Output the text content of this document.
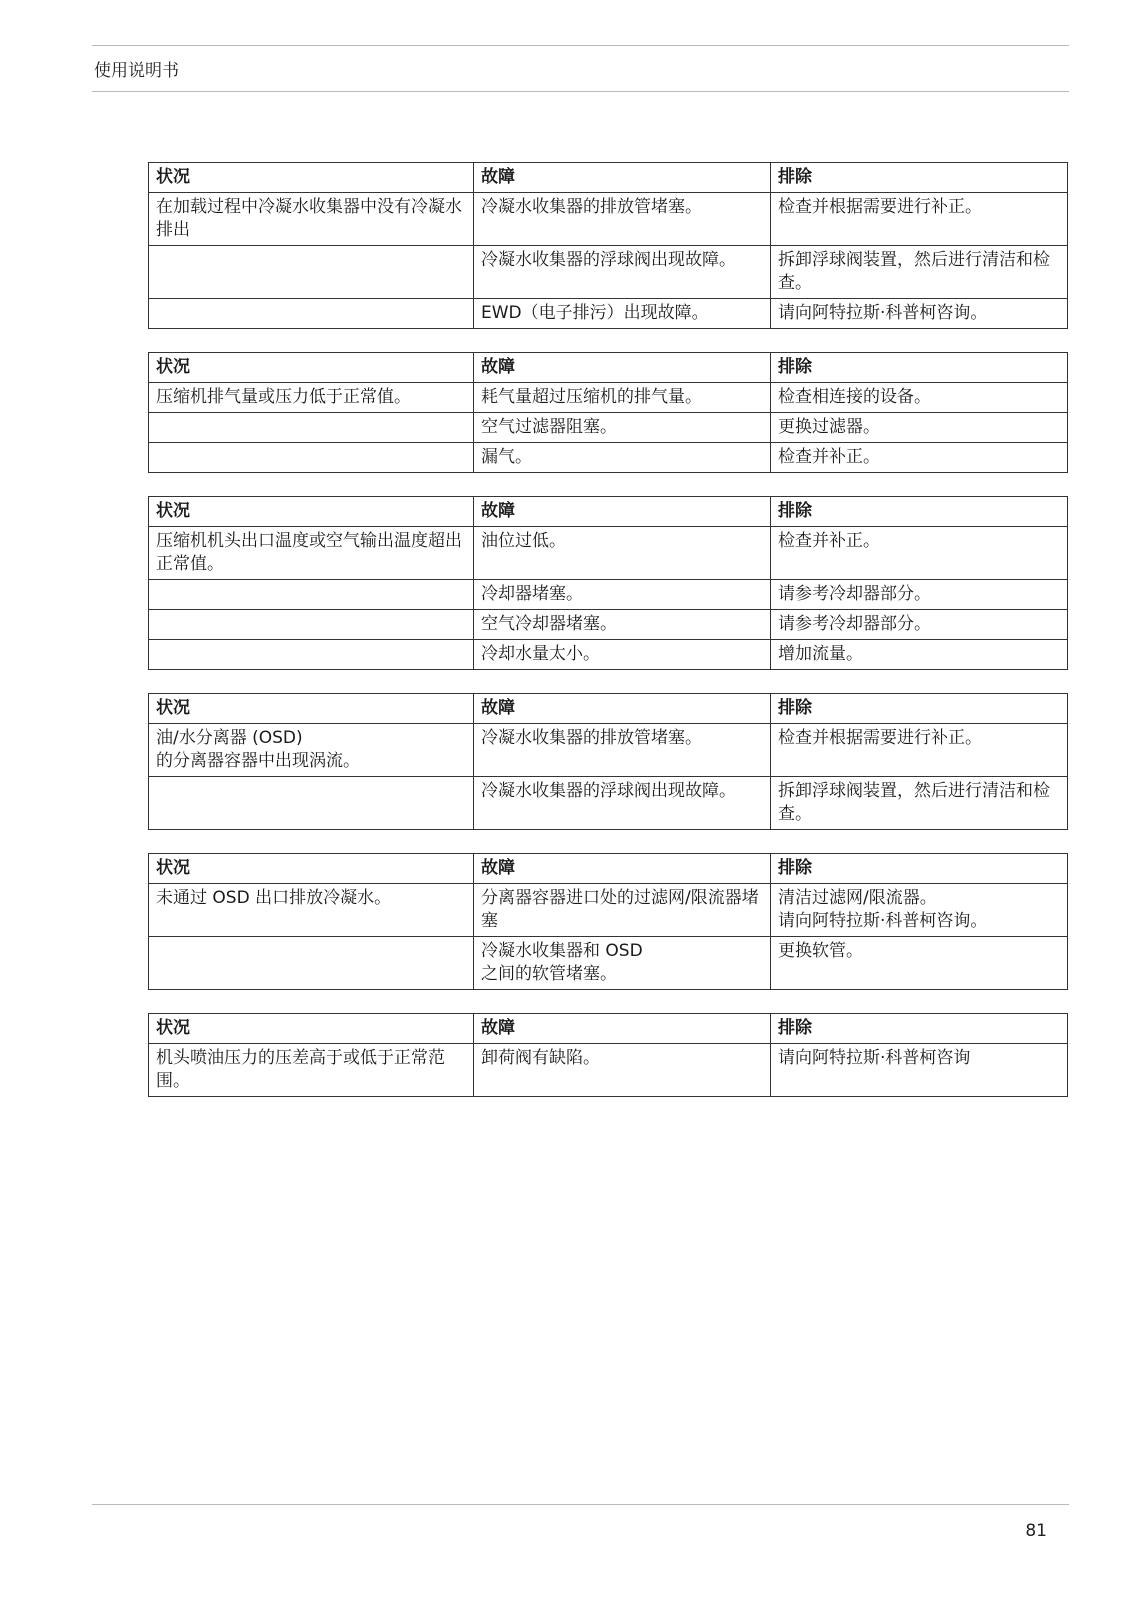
使用说明书
状况	故障	排除
在加载过程中冷凝水收集器中没有冷凝水排出	冷凝水收集器的排放管堵塞。	检查并根据需要进行补正。
	冷凝水收集器的浮球阀出现故障。	拆卸浮球阀装置，然后进行清洁和检查。
	EWD（电子排污）出现故障。	请向阿特拉斯·科普柯咨询。
状况	故障	排除
压缩机排气量或压力低于正常值。	耗气量超过压缩机的排气量。	检查相连接的设备。
	空气过滤器阻塞。	更换过滤器。
	漏气。	检查并补正。
状况	故障	排除
压缩机机头出口温度或空气输出温度超出正常值。	油位过低。	检查并补正。
	冷却器堵塞。	请参考冷却器部分。
	空气冷却器堵塞。	请参考冷却器部分。
	冷却水量太小。	增加流量。
状况	故障	排除
油/水分离器 (OSD)
的分离器容器中出现涡流。	冷凝水收集器的排放管堵塞。	检查并根据需要进行补正。
	冷凝水收集器的浮球阀出现故障。	拆卸浮球阀装置，然后进行清洁和检查。
状况	故障	排除
未通过 OSD 出口排放冷凝水。	分离器容器进口处的过滤网/限流器堵塞	清洁过滤网/限流器。
请向阿特拉斯·科普柯咨询。
	冷凝水收集器和 OSD
之间的软管堵塞。	更换软管。
状况	故障	排除
机头喷油压力的压差高于或低于正常范围。	卸荷阀有缺陷。	请向阿特拉斯·科普柯咨询
81
